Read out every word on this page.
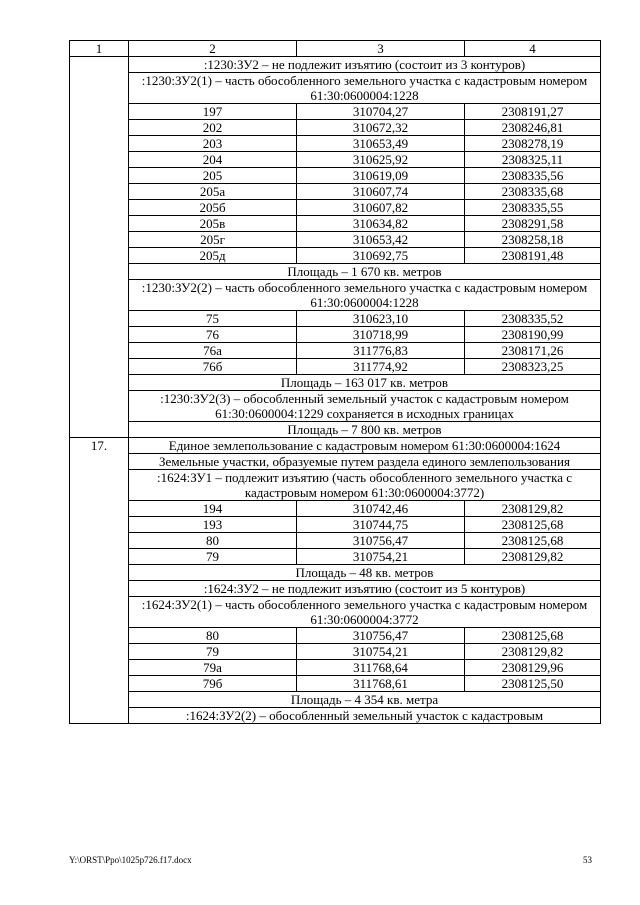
1	2	3	4
	:1230:ЗУ2 – не подлежит изъятию (состоит из 3 контуров)		
	:1230:ЗУ2(1) – часть обособленного земельного участка с кадастровым номером 61:30:0600004:1228		
	197	310704,27	2308191,27
	202	310672,32	2308246,81
	203	310653,49	2308278,19
	204	310625,92	2308325,11
	205	310619,09	2308335,56
	205а	310607,74	2308335,68
	205б	310607,82	2308335,55
	205в	310634,82	2308291,58
	205г	310653,42	2308258,18
	205д	310692,75	2308191,48
	Площадь – 1 670 кв. метров		
	:1230:ЗУ2(2) – часть обособленного земельного участка с кадастровым номером 61:30:0600004:1228		
	75	310623,10	2308335,52
	76	310718,99	2308190,99
	76а	311776,83	2308171,26
	76б	311774,92	2308323,25
	Площадь – 163 017 кв. метров		
	:1230:ЗУ2(3) – обособленный земельный участок с кадастровым номером 61:30:0600004:1229 сохраняется в исходных границах		
	Площадь – 7 800 кв. метров		
17.	Единое землепользование с кадастровым номером 61:30:0600004:1624		
	Земельные участки, образуемые путем раздела единого землепользования		
	:1624:ЗУ1 – подлежит изъятию (часть обособленного земельного участка с кадастровым номером 61:30:0600004:3772)		
	194	310742,46	2308129,82
	193	310744,75	2308125,68
	80	310756,47	2308125,68
	79	310754,21	2308129,82
	Площадь – 48 кв. метров		
	:1624:ЗУ2 – не подлежит изъятию (состоит из 5 контуров)		
	:1624:ЗУ2(1) – часть обособленного земельного участка с кадастровым номером 61:30:0600004:3772		
	80	310756,47	2308125,68
	79	310754,21	2308129,82
	79а	311768,64	2308129,96
	79б	311768,61	2308125,50
	Площадь – 4 354 кв. метра		
	:1624:ЗУ2(2) – обособленный земельный участок с кадастровым		
Y:\ORST\Ppo\1025p726.f17.docx	53
